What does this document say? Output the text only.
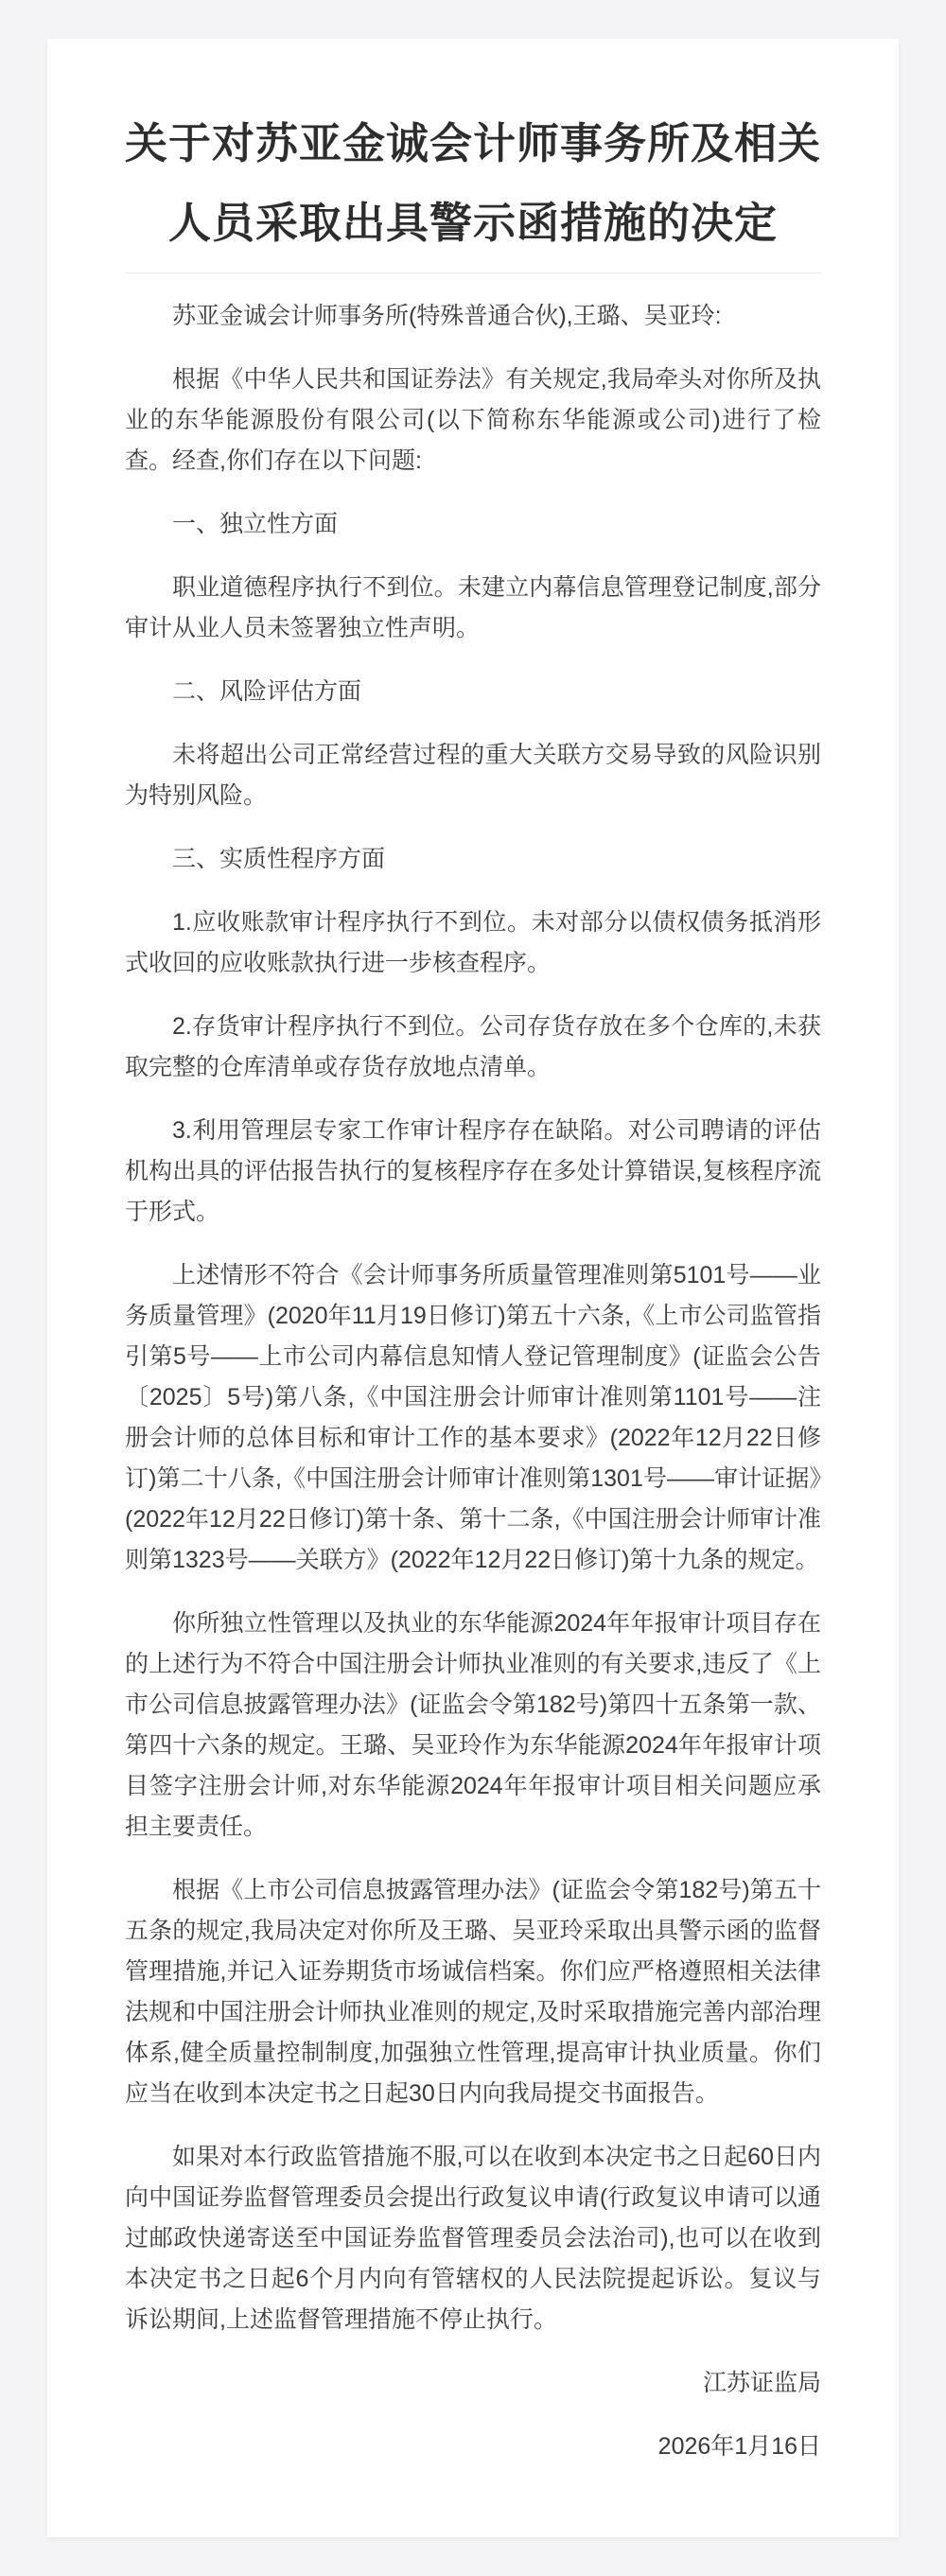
关于对苏亚金诚会计师事务所及相关
人员采取出具警示函措施的决定

苏亚金诚会计师事务所(特殊普通合伙),王璐、吴亚玲:

根据《中华人民共和国证券法》有关规定,我局牵头对你所及执业的东华能源股份有限公司(以下简称东华能源或公司)进行了检查。经查,你们存在以下问题:

一、独立性方面

职业道德程序执行不到位。未建立内幕信息管理登记制度,部分审计从业人员未签署独立性声明。

二、风险评估方面

未将超出公司正常经营过程的重大关联方交易导致的风险识别为特别风险。

三、实质性程序方面

1.应收账款审计程序执行不到位。未对部分以债权债务抵消形式收回的应收账款执行进一步核查程序。

2.存货审计程序执行不到位。公司存货存放在多个仓库的,未获取完整的仓库清单或存货存放地点清单。

3.利用管理层专家工作审计程序存在缺陷。对公司聘请的评估机构出具的评估报告执行的复核程序存在多处计算错误,复核程序流于形式。

上述情形不符合《会计师事务所质量管理准则第5101号——业务质量管理》(2020年11月19日修订)第五十六条,《上市公司监管指引第5号——上市公司内幕信息知情人登记管理制度》(证监会公告〔2025〕5号)第八条,《中国注册会计师审计准则第1101号——注册会计师的总体目标和审计工作的基本要求》(2022年12月22日修订)第二十八条,《中国注册会计师审计准则第1301号——审计证据》(2022年12月22日修订)第十条、第十二条,《中国注册会计师审计准则第1323号——关联方》(2022年12月22日修订)第十九条的规定。

你所独立性管理以及执业的东华能源2024年年报审计项目存在的上述行为不符合中国注册会计师执业准则的有关要求,违反了《上市公司信息披露管理办法》(证监会令第182号)第四十五条第一款、第四十六条的规定。王璐、吴亚玲作为东华能源2024年年报审计项目签字注册会计师,对东华能源2024年年报审计项目相关问题应承担主要责任。

根据《上市公司信息披露管理办法》(证监会令第182号)第五十五条的规定,我局决定对你所及王璐、吴亚玲采取出具警示函的监督管理措施,并记入证券期货市场诚信档案。你们应严格遵照相关法律法规和中国注册会计师执业准则的规定,及时采取措施完善内部治理体系,健全质量控制制度,加强独立性管理,提高审计执业质量。你们应当在收到本决定书之日起30日内向我局提交书面报告。

如果对本行政监管措施不服,可以在收到本决定书之日起60日内向中国证券监督管理委员会提出行政复议申请(行政复议申请可以通过邮政快递寄送至中国证券监督管理委员会法治司),也可以在收到本决定书之日起6个月内向有管辖权的人民法院提起诉讼。复议与诉讼期间,上述监督管理措施不停止执行。

江苏证监局

2026年1月16日
